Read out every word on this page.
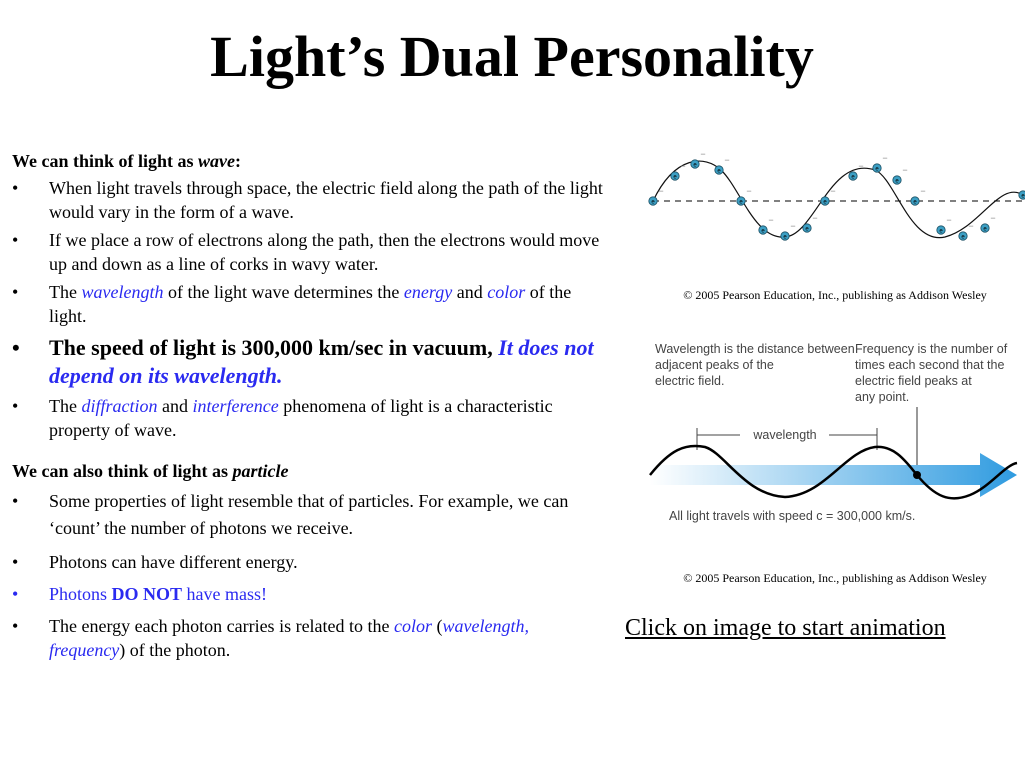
Light’s Dual Personality
We can think of light as wave:
• When light travels through space, the electric field along the path of the light would vary in the form of a wave.
• If we place a row of electrons along the path, then the electrons would move up and down as a line of corks in wavy water.
• The wavelength of the light wave determines the energy and color of the light.
• The speed of light is 300,000 km/sec in vacuum, It does not depend on its wavelength.
• The diffraction and interference phenomena of light is a characteristic property of wave.
We can also think of light as particle
• Some properties of light resemble that of particles. For example, we can ‘count’ the number of photons we receive.
• Photons can have different energy.
• Photons DO NOT have mass!
• The energy each photon carries is related to the color (wavelength, frequency) of the photon.
e
−
e
− e
−
e
−
e
−
e
−
e
− e
−
e
−
e
− e
−
e
−
e
−
e
−
e
− e
−
e
© 2005 Pearson Education, Inc., publishing as Addison Wesley
Wavelength is the distance between adjacent peaks of the electric field.
Frequency is the number of times each second that the electric field peaks at any point.
wavelength
All light travels with speed c = 300,000 km/s.
© 2005 Pearson Education, Inc., publishing as Addison Wesley
Click on image to start animation
